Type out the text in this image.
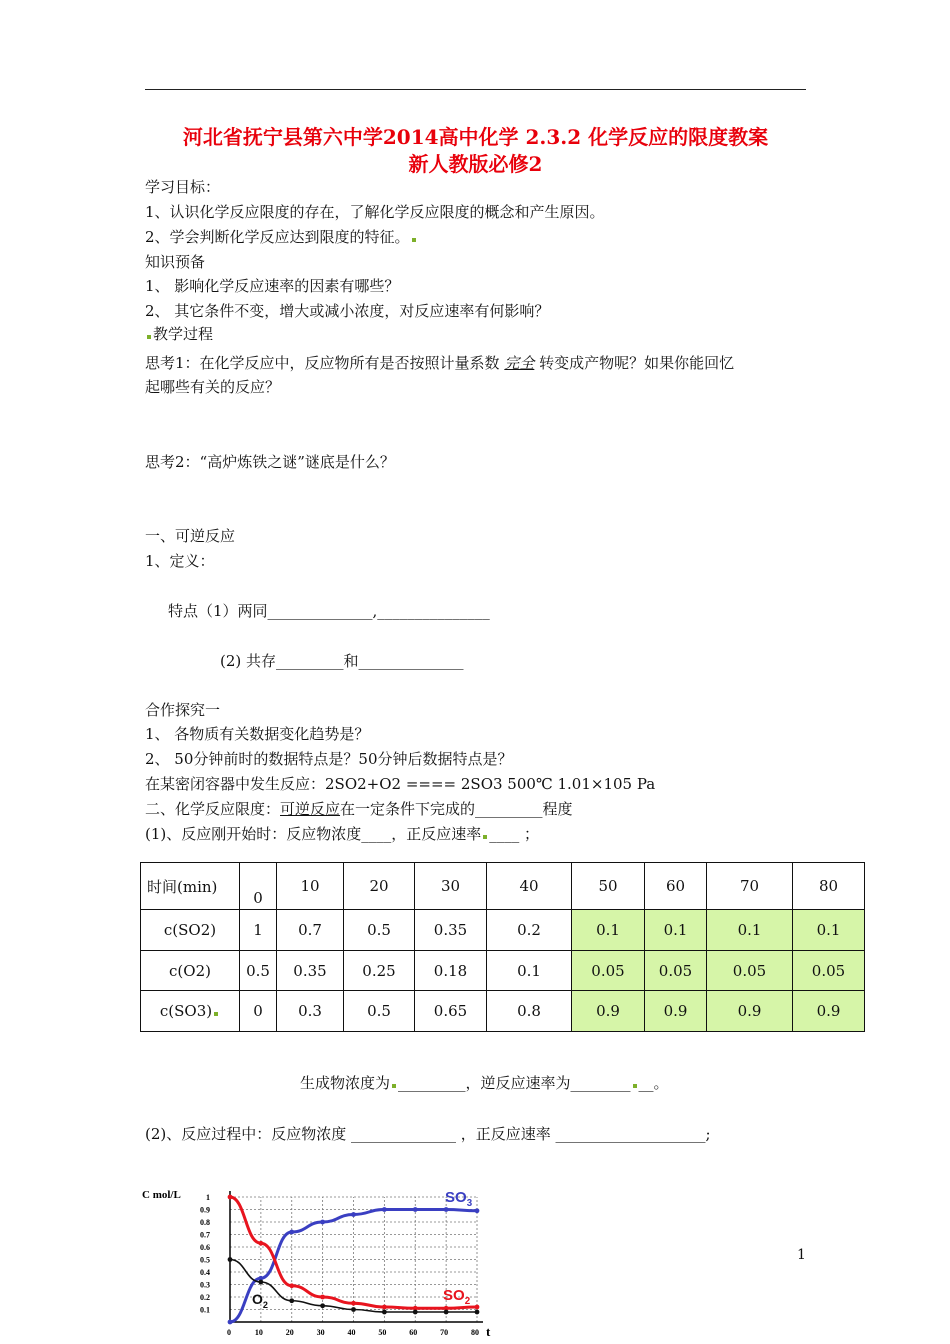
河北省抚宁县第六中学2014高中化学 2.3.2 化学反应的限度教案
新人教版必修2
学习目标：
1、认识化学反应限度的存在，了解化学反应限度的概念和产生原因。
2、学会判断化学反应达到限度的特征。
知识预备
1、 影响化学反应速率的因素有哪些？
2、 其它条件不变，增大或减小浓度，对反应速率有何影响？
教学过程
思考1：在化学反应中，反应物所有是否按照计量系数 完全 转变成产物呢？如果你能回忆
起哪些有关的反应？
思考2：“高炉炼铁之谜”谜底是什么？
一、可逆反应
1、定义：
特点（1）两同______________,_______________
(2) 共存_________和______________
合作探究一
1、 各物质有关数据变化趋势是？
2、 50分钟前时的数据特点是？50分钟后数据特点是？
在某密闭容器中发生反应：2SO2+O2 ==== 2SO3 500℃ 1.01×105 Pa
二、化学反应限度：可逆反应在一定条件下完成的_________程度
(1)、反应刚开始时：反应物浓度____，正反应速率 ____ ；
时间(min)	0	10	20	30	40	50	60	70	80
c(SO2)	1	0.7	0.5	0.35	0.2	0.1	0.1	0.1	0.1
c(O2)	0.5	0.35	0.25	0.18	0.1	0.05	0.05	0.05	0.05
c(SO3)	0	0.3	0.5	0.65	0.8	0.9	0.9	0.9	0.9
生成物浓度为 _________，逆反应速率为________ __。
(2)、反应过程中：反应物浓度 ______________ ，正反应速率 ____________________;
0.1
0.2
0.3
0.4
0.5
0.6
0.7
0.8
0.9
1
0	10	20	30	40	50	60	70	80
$SO_3$
$SO_2$
$O_2$
C mol/L
t
1
